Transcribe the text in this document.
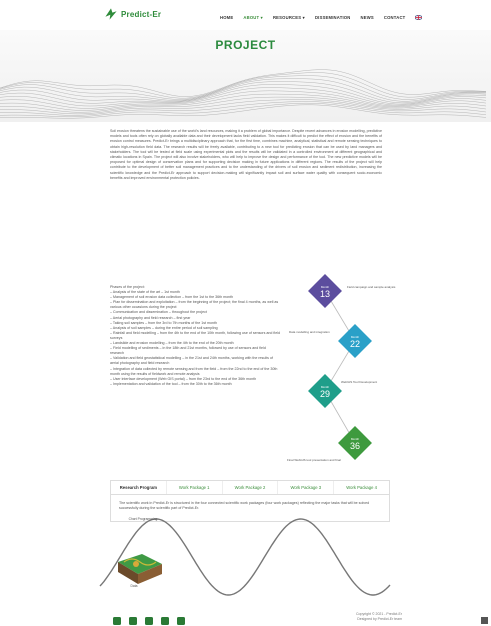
Predict-Er	HOME ABOUT ▾ RESOURCES ▾ DISSEMINATION NEWS CONTACT
PROJECT
Soil erosion threatens the sustainable use of the world's land resources, making it a problem of global importance. Despite recent advances in erosion modelling, predictive models and tools often rely on globally available data and their development lacks field validation. This makes it difficult to predict the effect of erosion and the benefits of erosion control measures. Predict-Er brings a multidisciplinary approach that, for the first time, combines machine, analytical, statistical and remote sensing techniques to obtain high-resolution field data. The research results will be freely available, contributing to a new tool for predicting erosion that can be used by land managers and stakeholders. The tool will be tested at field scale using experimental plots and the results will be validated in a controlled environment at different geographical and climatic locations in Spain. The project will also involve stakeholders, who will help to improve the design and performance of the tool. The new predictive models will be proposed for optimal design of conservation plans and for supporting decision making in future applications in different regions. The results of the project will help contribute to the development of better soil management practices and to the understanding of the drivers of soil erosion and sediment redistribution, increasing the scientific knowledge and the Predict-Er approach to support decision-making will significantly impact soil and surface water quality with consequent socio-economic benefits and improved environmental protection policies.
Phases of the project:
– Analysis of the state of the art – 1st month
– Management of soil erosion data collection – from the 1st to the 36th month
– Plan for dissemination and exploitation – from the beginning of the project; the final 4 months, as well as various other occasions during the project
– Communication and dissemination – throughout the project
– Aerial photography and field research – first year
– Taking soil samples – from the 3rd to 7th months of the 1st month
– Analysis of soil samples – during the entire period of soil sampling
– Rainfall and field modelling – from the 4th to the end of the 10th month, following use of sensors and field surveys
– Landslide and erosion modelling – from the 4th to the end of the 20th month
– Field modelling of sediments – in the 18th and 21st months, followed by use of sensors and field research
– Validation and field geostatistical modelling – in the 21st and 24th months, working with the results of aerial photography and field research
– Integration of data collected by remote sensing and from the field – from the 22nd to the end of the 30th month using the results of fieldwork and remote analysis
– User interface development (Web GIS portal) – from the 23rd to the end of the 36th month
– Implementation and validation of the tool – from the 30th to the 36th month
Month
13
Field campaign and sample analysis
Month
22
Data modelling and integration
Month
29
WebGIS Tool Development
Month
36
Final WebGIS tool presentation and final
Research Program	Work Package 1	Work Package 2	Work Package 3	Work Package 4
The scientific work in Predict-Er is structured in the four connected scientific work packages (four work packages) reflecting the major tasks that will be solved successfully during the scientific part of Predict-Er.
Chart Programming
Data
Copyright © 2021 - Predict-Er
Designed by Predict-Er team
